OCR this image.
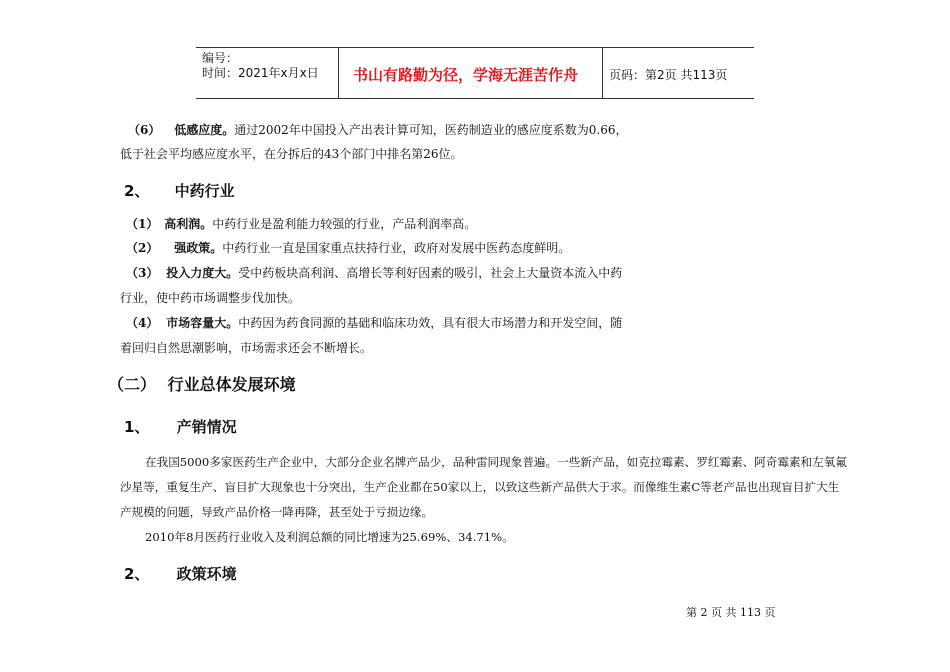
编号：
时间：2021年x月x日 书山有路勤为径，学海无涯苦作舟	页码：第2页 共113页
（6） 低感应度。通过2002年中国投入产出表计算可知，医药制造业的感应度系数为0.66，
低于社会平均感应度水平，在分拆后的43个部门中排名第26位。
2、 中药行业
（1） 高利润。中药行业是盈利能力较强的行业，产品利润率高。
（2） 强政策。中药行业一直是国家重点扶持行业，政府对发展中医药态度鲜明。
（3） 投入力度大。受中药板块高利润、高增长等利好因素的吸引，社会上大量资本流入中药
行业，使中药市场调整步伐加快。
（4） 市场容量大。中药因为药食同源的基础和临床功效，具有很大市场潜力和开发空间，随
着回归自然思潮影响，市场需求还会不断增长。
（二） 行业总体发展环境
1、 产销情况
在我国5000多家医药生产企业中，大部分企业名牌产品少，品种雷同现象普遍。一些新产品，如克拉霉素、罗红霉素、阿奇霉素和左氧氟
沙星等，重复生产、盲目扩大现象也十分突出，生产企业都在50家以上，以致这些新产品供大于求。而像维生素C等老产品也出现盲目扩大生
产规模的问题，导致产品价格一降再降，甚至处于亏损边缘。
2010年8月医药行业收入及利润总额的同比增速为25.69%、34.71%。
2、 政策环境
第 2 页 共 113 页
